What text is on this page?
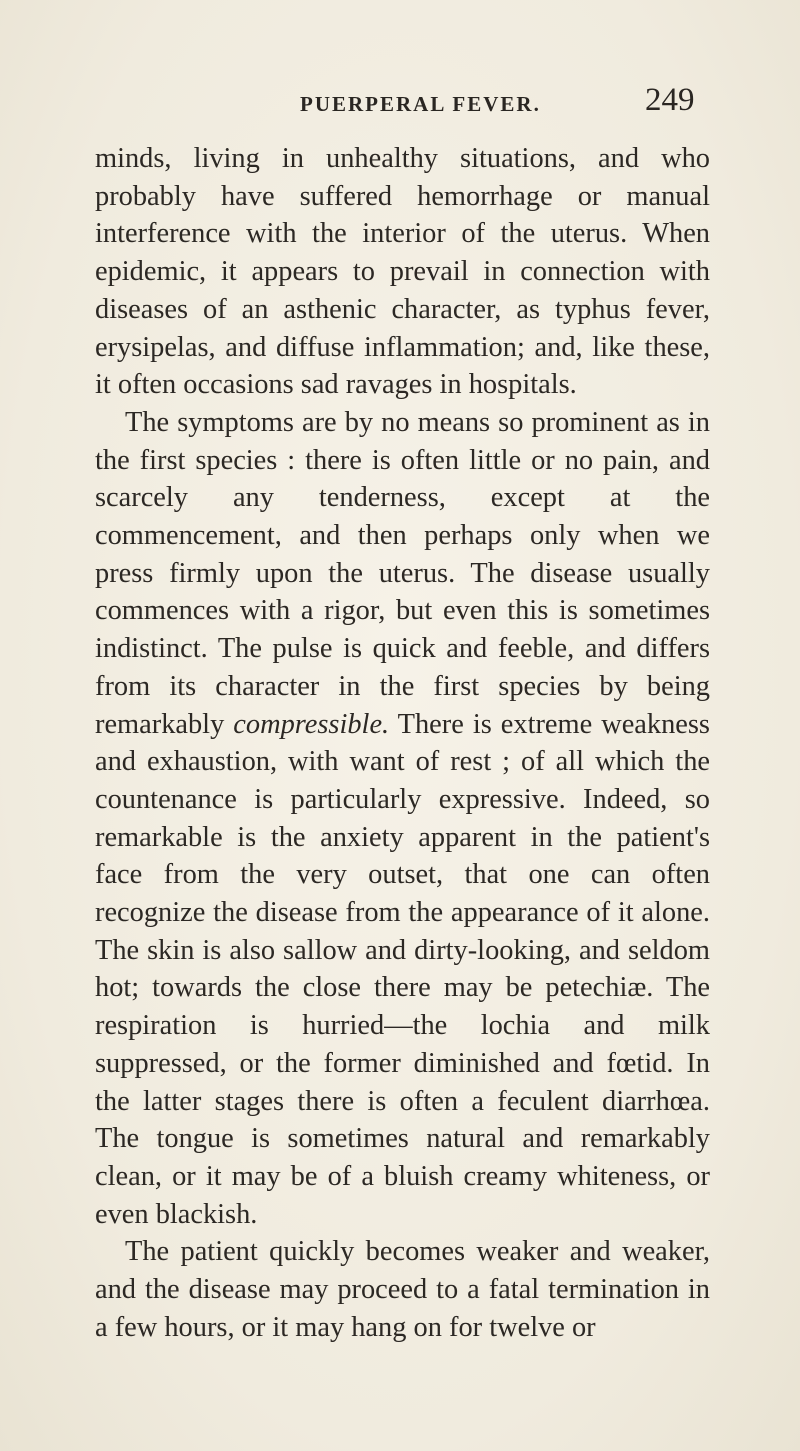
PUERPERAL FEVER.	249

minds, living in unhealthy situations, and who probably have suffered hemorrhage or manual interference with the interior of the uterus. When epidemic, it appears to prevail in connection with diseases of an asthenic character, as typhus fever, erysipelas, and diffuse inflammation; and, like these, it often occasions sad ravages in hospitals.

The symptoms are by no means so prominent as in the first species : there is often little or no pain, and scarcely any tenderness, except at the commencement, and then perhaps only when we press firmly upon the uterus. The disease usually commences with a rigor, but even this is sometimes indistinct. The pulse is quick and feeble, and differs from its character in the first species by being remarkably compressible. There is extreme weakness and exhaustion, with want of rest ; of all which the countenance is particularly expressive. Indeed, so remarkable is the anxiety apparent in the patient's face from the very outset, that one can often recognize the disease from the appearance of it alone. The skin is also sallow and dirty-looking, and seldom hot; towards the close there may be petechiæ. The respiration is hurried—the lochia and milk suppressed, or the former diminished and fœtid. In the latter stages there is often a feculent diarrhœa. The tongue is sometimes natural and remarkably clean, or it may be of a bluish creamy whiteness, or even blackish.

The patient quickly becomes weaker and weaker, and the disease may proceed to a fatal termination in a few hours, or it may hang on for twelve or
